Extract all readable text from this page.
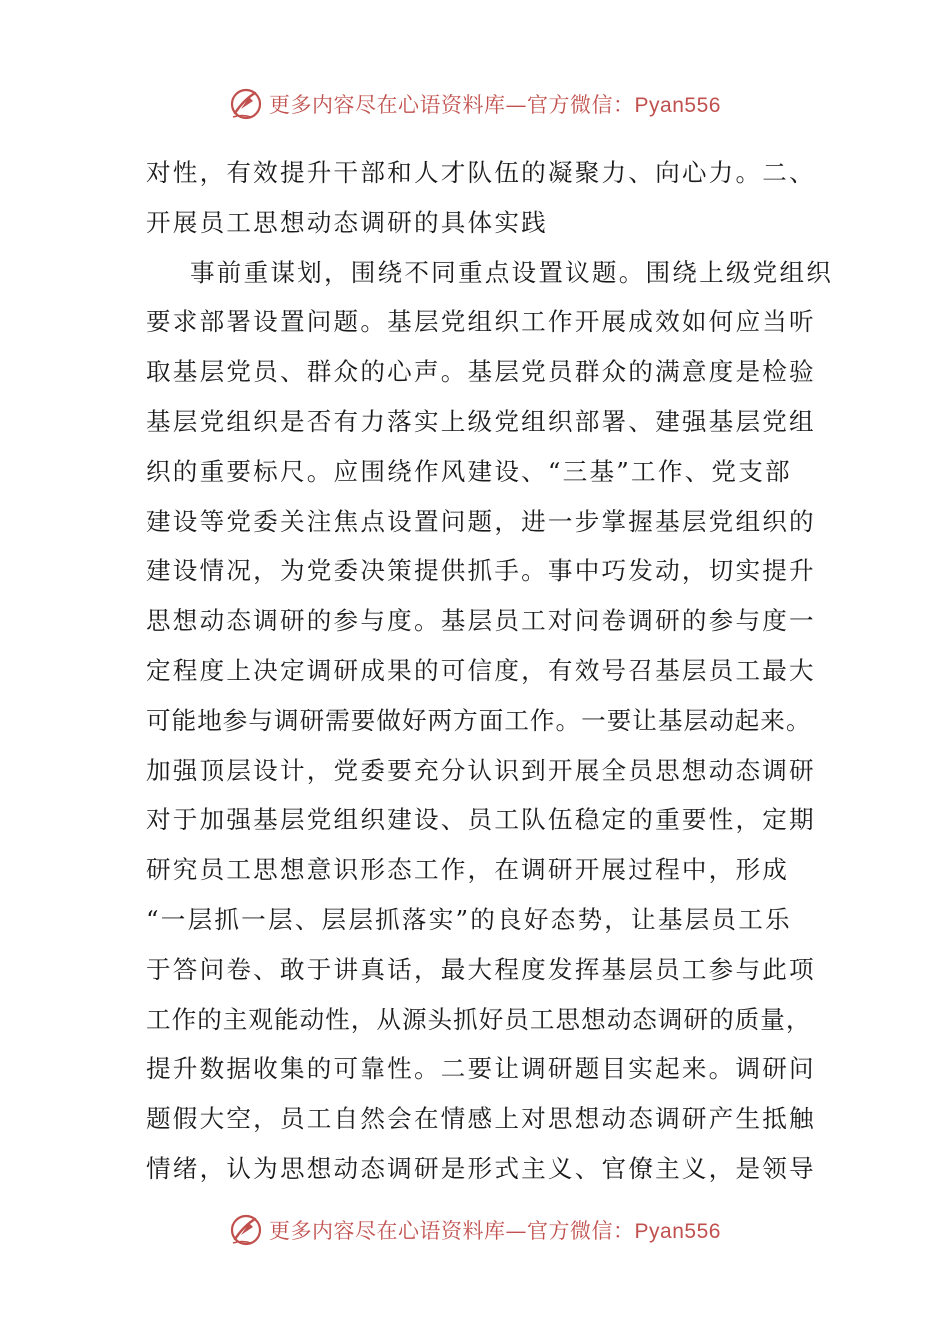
更多内容尽在心语资料库—官方微信：Pyan556
对性，有效提升干部和人才队伍的凝聚力、向心力。二、
开展员工思想动态调研的具体实践
事前重谋划，围绕不同重点设置议题。围绕上级党组织
要求部署设置问题。基层党组织工作开展成效如何应当听
取基层党员、群众的心声。基层党员群众的满意度是检验
基层党组织是否有力落实上级党组织部署、建强基层党组
织的重要标尺。应围绕作风建设、“三基”工作、党支部
建设等党委关注焦点设置问题，进一步掌握基层党组织的
建设情况，为党委决策提供抓手。事中巧发动，切实提升
思想动态调研的参与度。基层员工对问卷调研的参与度一
定程度上决定调研成果的可信度，有效号召基层员工最大
可能地参与调研需要做好两方面工作。一要让基层动起来。
加强顶层设计，党委要充分认识到开展全员思想动态调研
对于加强基层党组织建设、员工队伍稳定的重要性，定期
研究员工思想意识形态工作，在调研开展过程中，形成
“一层抓一层、层层抓落实”的良好态势，让基层员工乐
于答问卷、敢于讲真话，最大程度发挥基层员工参与此项
工作的主观能动性，从源头抓好员工思想动态调研的质量，
提升数据收集的可靠性。二要让调研题目实起来。调研问
题假大空，员工自然会在情感上对思想动态调研产生抵触
情绪，认为思想动态调研是形式主义、官僚主义，是领导
更多内容尽在心语资料库—官方微信：Pyan556
